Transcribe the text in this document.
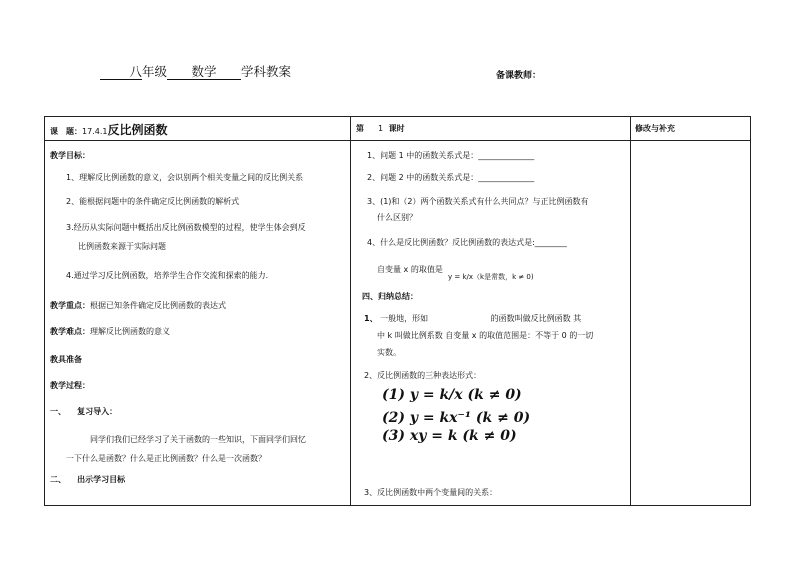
八年级 数学 学科教案	备课教师：
课　题：17.4.1反比例函数	第 1 课时	修改与补充
教学目标：
1、理解反比例函数的意义，会识别两个相关变量之间的反比例关系
2、能根据问题中的条件确定反比例函数的解析式
3.经历从实际问题中概括出反比例函数模型的过程，使学生体会到反
比例函数来源于实际问题
4.通过学习反比例函数，培养学生合作交流和探索的能力.
教学重点：根据已知条件确定反比例函数的表达式
教学难点：理解反比例函数的意义
教具准备
教学过程：
一、 复习导入：
同学们我们已经学习了关于函数的一些知识，下面同学们回忆
一下什么是函数？什么是正比例函数？什么是一次函数？
二、 出示学习目标
1、问题 1 中的函数关系式是：______________
2、问题 2 中的函数关系式是：______________
3、(1)和（2）两个函数关系式有什么共同点？与正比例函数有
什么区别？
4、什么是反比例函数？反比例函数的表达式是:________
自变量 x 的取值是
y = k/x（k是常数，k ≠ 0)
四、归纳总结：
1、 一般地，形如	的函数叫做反比例函数 其
中 k 叫做比例系数 自变量 x 的取值范围是：不等于 0 的一切
实数。
2、反比例函数的三种表达形式：
(1) y = k/x (k ≠ 0)
(2) y = kx⁻¹ (k ≠ 0)
(3) xy = k (k ≠ 0)
3、反比例函数中两个变量间的关系：
